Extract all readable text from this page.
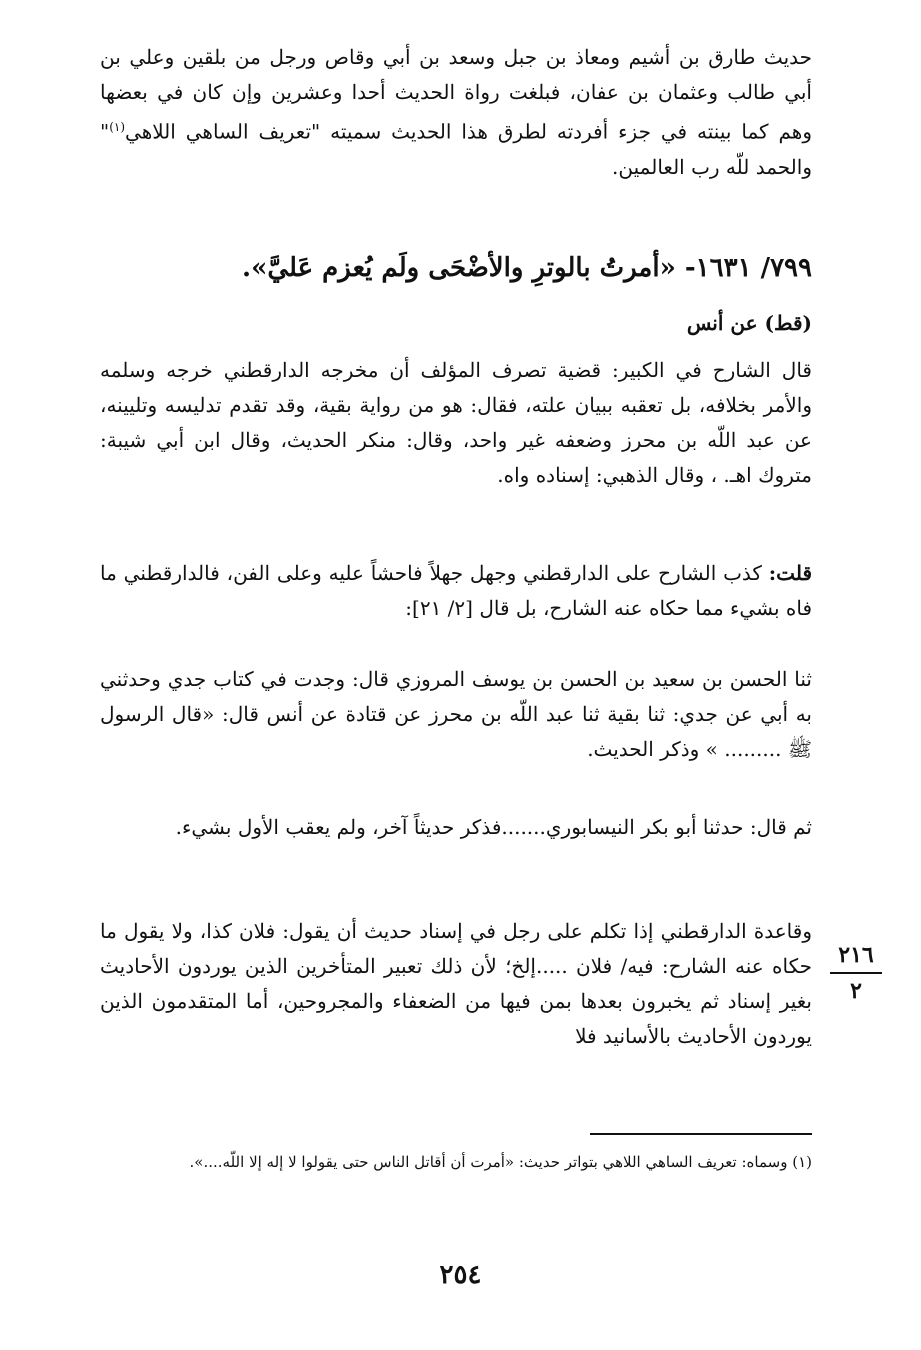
حديث طارق بن أشيم ومعاذ بن جبل وسعد بن أبي وقاص ورجل من بلقين وعلي بن أبي طالب وعثمان بن عفان، فبلغت رواة الحديث أحدا وعشرين وإن كان في بعضها وهم كما بينته في جزء أفردته لطرق هذا الحديث سميته "تعريف الساهي اللاهي$^{(١)}$" والحمد للّه رب العالمين.

٧٩٩/ ١٦٣١- «أمرتُ بالوترِ والأضْحَى ولَم يُعزم عَليَّ».
(قط) عن أنس

قال الشارح في الكبير: قضية تصرف المؤلف أن مخرجه الدارقطني خرجه وسلمه والأمر بخلافه، بل تعقبه ببيان علته، فقال: هو من رواية بقية، وقد تقدم تدليسه وتليينه، عن عبد اللّه بن محرز وضعفه غير واحد، وقال: منكر الحديث، وقال ابن أبي شيبة: متروك اهـ. ، وقال الذهبي: إسناده واه.

قلت: كذب الشارح على الدارقطني وجهل جهلاً فاحشاً عليه وعلى الفن، فالدارقطني ما فاه بشيء مما حكاه عنه الشارح، بل قال [٢/ ٢١]:

ثنا الحسن بن سعيد بن الحسن بن يوسف المروزي قال: وجدت في كتاب جدي وحدثني به أبي عن جدي: ثنا بقية ثنا عبد اللّه بن محرز عن قتادة عن أنس قال: «قال الرسول ﷺ ......... » وذكر الحديث.

ثم قال: حدثنا أبو بكر النيسابوري.......فذكر حديثاً آخر، ولم يعقب الأول بشيء.

وقاعدة الدارقطني إذا تكلم على رجل في إسناد حديث أن يقول: فلان كذا، ولا يقول ما حكاه عنه الشارح: فيه/ فلان .....إلخ؛ لأن ذلك تعبير المتأخرين الذين يوردون الأحاديث بغير إسناد ثم يخبرون بعدها بمن فيها من الضعفاء والمجروحين، أما المتقدمون الذين يوردون الأحاديث بالأسانيد فلا

٢١٦
٢

(١) وسماه: تعريف الساهي اللاهي بتواتر حديث: «أمرت أن أقاتل الناس حتى يقولوا لا إله إلا اللّه....».

٢٥٤
